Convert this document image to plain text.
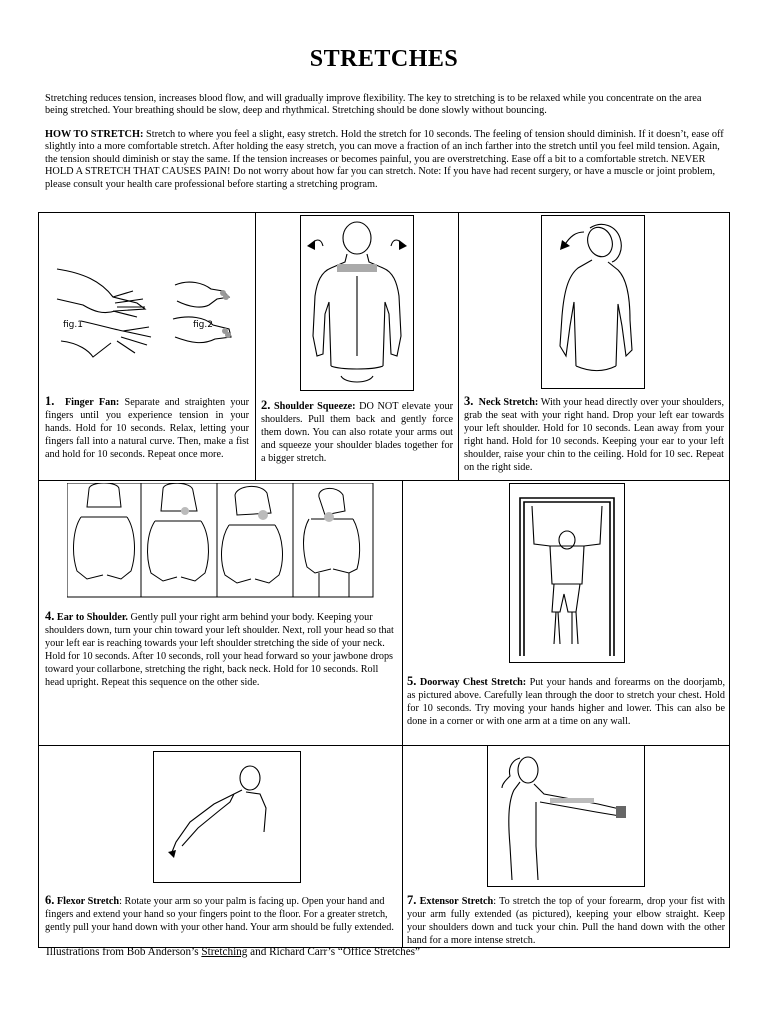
STRETCHES
Stretching reduces tension, increases blood flow, and will gradually improve flexibility. The key to stretching is to be relaxed while you concentrate on the area being stretched. Your breathing should be slow, deep and rhythmical. Stretching should be done slowly without bouncing.
HOW TO STRETCH: Stretch to where you feel a slight, easy stretch. Hold the stretch for 10 seconds. The feeling of tension should diminish. If it doesn’t, ease off slightly into a more comfortable stretch. After holding the easy stretch, you can move a fraction of an inch farther into the stretch until you feel mild tension. Again, the tension should diminish or stay the same. If the tension increases or becomes painful, you are overstretching. Ease off a bit to a comfortable stretch. NEVER HOLD A STRETCH THAT CAUSES PAIN! Do not worry about how far you can stretch. Note: If you have had recent surgery, or have a muscle or joint problem, please consult your health care professional before starting a stretching program.
fig.1	fig.2
1. Finger Fan: Separate and straighten your fingers until you experience tension in your hands. Hold for 10 seconds. Relax, letting your fingers fall into a natural curve. Then, make a fist and hold for 10 seconds. Repeat once more.
2. Shoulder Squeeze: DO NOT elevate your shoulders. Pull them back and gently force them down. You can also rotate your arms out and squeeze your shoulder blades together for a bigger stretch.
3. Neck Stretch: With your head directly over your shoulders, grab the seat with your right hand. Drop your left ear towards your left shoulder. Hold for 10 seconds. Lean away from your right hand. Hold for 10 seconds. Keeping your ear to your left shoulder, raise your chin to the ceiling. Hold for 10 sec. Repeat on the right side.
4. Ear to Shoulder. Gently pull your right arm behind your body. Keeping your shoulders down, turn your chin toward your left shoulder. Next, roll your head so that your left ear is reaching towards your left shoulder stretching the side of your neck. Hold for 10 seconds. After 10 seconds, roll your head forward so your jawbone drops toward your collarbone, stretching the right, back neck. Hold for 10 seconds. Roll head upright. Repeat this sequence on the other side.	5. Doorway Chest Stretch: Put your hands and forearms on the doorjamb, as pictured above. Carefully lean through the door to stretch your chest. Hold for 10 seconds. Try moving your hands higher and lower. This can also be done in a corner or with one arm at a time on any wall.
6. Flexor Stretch: Rotate your arm so your palm is facing up. Open your hand and fingers and extend your hand so your fingers point to the floor. For a greater stretch, gently pull your hand down with your other hand. Your arm should be fully extended.
7. Extensor Stretch: To stretch the top of your forearm, drop your fist with your arm fully extended (as pictured), keeping your elbow straight. Keep your shoulders down and tuck your chin. Pull the hand down with the other hand for a more intense stretch.
Illustrations from Bob Anderson’s Stretching and Richard Carr’s “Office Stretches”
